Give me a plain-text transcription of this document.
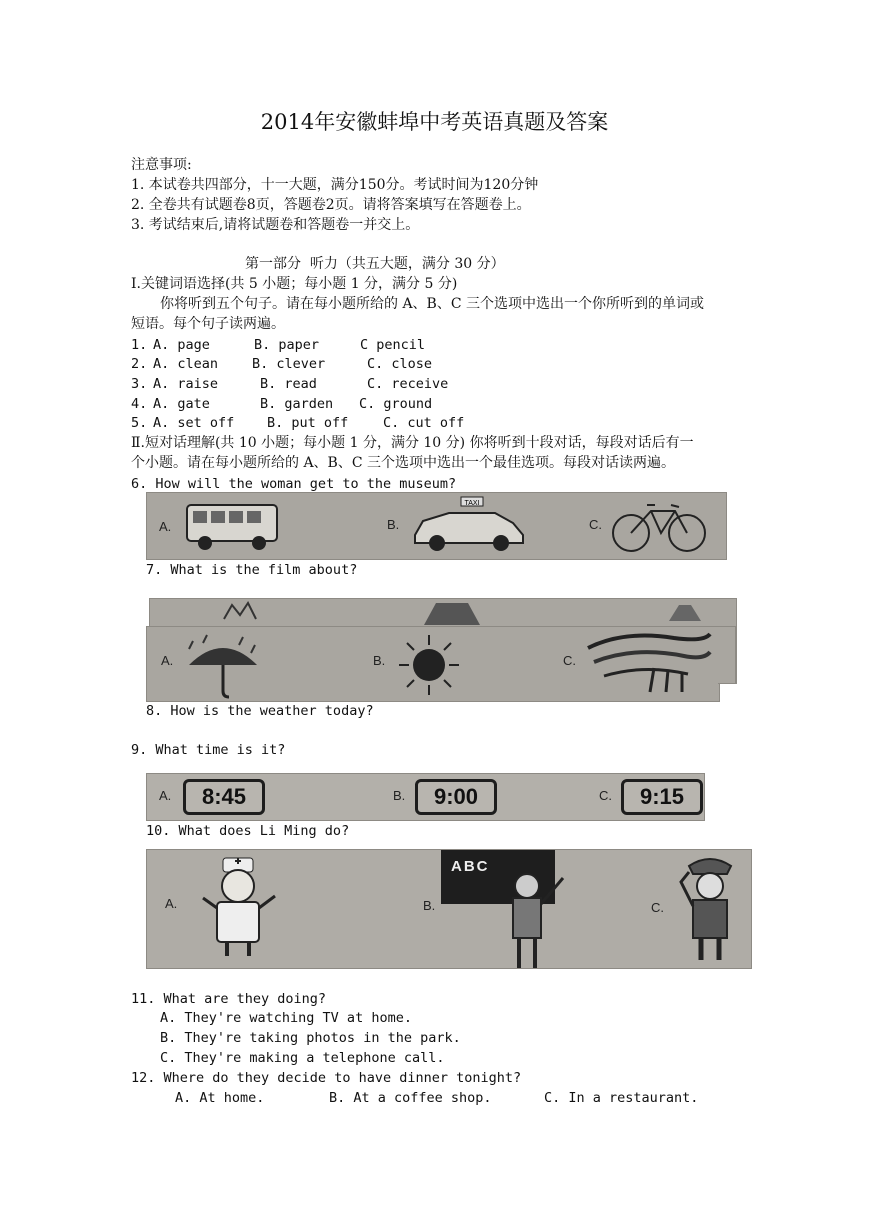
2014年安徽蚌埠中考英语真题及答案
注意事项:
1. 本试卷共四部分，十一大题，满分150分。考试时间为120分钟
2. 全卷共有试题卷8页，答题卷2页。请将答案填写在答题卷上。
3. 考试结束后,请将试题卷和答题卷一并交上。
第一部分  听力（共五大题，满分 30 分）
I.关键词语选择(共 5 小题；每小题 1 分，满分 5 分)
你将听到五个句子。请在每小题所给的 A、B、C 三个选项中选出一个你所听到的单词或
短语。每个句子读两遍。
1. A. page	B. paper	C pencil
2. A. clean	B. clever	C. close
3. A. raise	B. read	C. receive
4. A. gate	B. garden C. ground
5. A. set off B. put off	C. cut off
Ⅱ.短对话理解(共 10 小题；每小题 1 分，满分 10 分) 你将听到十段对话，每段对话后有一
个小题。请在每小题所给的 A、B、C 三个选项中选出一个最佳选项。每段对话读两遍。
6. How will the woman get to the museum?
A.	B.
TAXI
C.
7. What is the film about?
A.	B.	C.
8. How is the weather today?
9. What time is it?
A.	8:45	B.	9:00	C.	9:15
10. What does Li Ming do?
A.	B.
ABC
C.
11. What are they doing?
A. They're watching TV at home.
B. They're taking photos in the park.
C. They're making a telephone call.
12. Where do they decide to have dinner tonight?
A. At home.	B. At a coffee shop.	C. In a restaurant.
